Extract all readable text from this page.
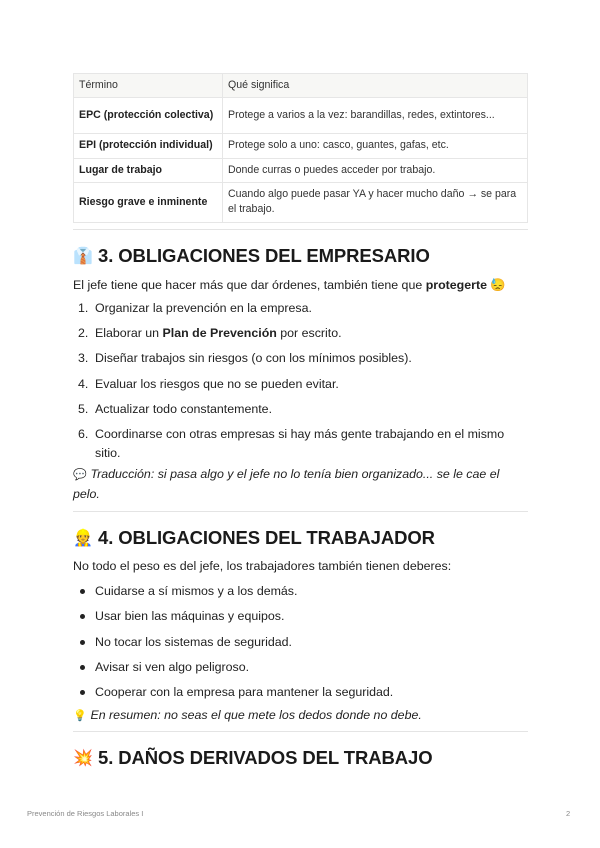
Término	Qué significa
EPC (protección colectiva)	Protege a varios a la vez: barandillas, redes, extintores...
EPI (protección individual)	Protege solo a uno: casco, guantes, gafas, etc.
Lugar de trabajo	Donde curras o puedes acceder por trabajo.
Riesgo grave e inminente	Cuando algo puede pasar YA y hacer mucho daño → se para el trabajo.
👔 3. OBLIGACIONES DEL EMPRESARIO

El jefe tiene que hacer más que dar órdenes, también tiene que protegerte 😓

1. Organizar la prevención en la empresa.
2. Elaborar un Plan de Prevención por escrito.
3. Diseñar trabajos sin riesgos (o con los mínimos posibles).
4. Evaluar los riesgos que no se pueden evitar.
5. Actualizar todo constantemente.
6. Coordinarse con otras empresas si hay más gente trabajando en el mismo sitio.

💬 Traducción: si pasa algo y el jefe no lo tenía bien organizado... se le cae el pelo.

👷 4. OBLIGACIONES DEL TRABAJADOR

No todo el peso es del jefe, los trabajadores también tienen deberes:

Cuidarse a sí mismos y a los demás.
Usar bien las máquinas y equipos.
No tocar los sistemas de seguridad.
Avisar si ven algo peligroso.
Cooperar con la empresa para mantener la seguridad.

💡 En resumen: no seas el que mete los dedos donde no debe.

💥 5. DAÑOS DERIVADOS DEL TRABAJO
Prevención de Riesgos Laborales I	2
